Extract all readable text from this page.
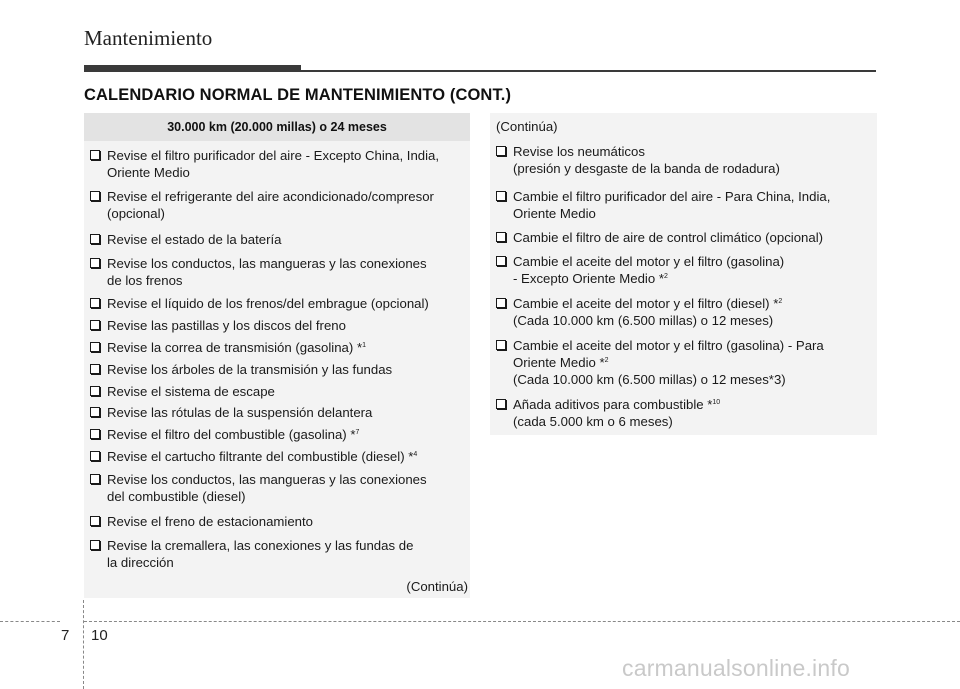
Mantenimiento
CALENDARIO NORMAL DE MANTENIMIENTO (CONT.)
30.000 km (20.000 millas) o 24 meses
Revise el filtro purificador del aire - Excepto China, India,
Oriente Medio
Revise el refrigerante del aire acondicionado/compresor
(opcional)
Revise el estado de la batería
Revise los conductos, las mangueras y las conexiones
de los frenos
Revise el líquido de los frenos/del embrague (opcional)
Revise las pastillas y los discos del freno
Revise la correa de transmisión (gasolina) *$^1$
Revise los árboles de la transmisión y las fundas
Revise el sistema de escape
Revise las rótulas de la suspensión delantera
Revise el filtro del combustible (gasolina) *$^7$
Revise el cartucho filtrante del combustible (diesel) *$^4$
Revise los conductos, las mangueras y las conexiones
del combustible (diesel)
Revise el freno de estacionamiento
Revise la cremallera, las conexiones y las fundas de
la dirección
(Continúa)
(Continúa)
Revise los neumáticos
(presión y desgaste de la banda de rodadura)
Cambie el filtro purificador del aire - Para China, India,
Oriente Medio
Cambie el filtro de aire de control climático (opcional)
Cambie el aceite del motor y el filtro (gasolina)
- Excepto Oriente Medio *$^2$
Cambie el aceite del motor y el filtro (diesel) *$^2$
(Cada 10.000 km (6.500 millas) o 12 meses)
Cambie el aceite del motor y el filtro (gasolina) - Para
Oriente Medio *$^2$
(Cada 10.000 km (6.500 millas) o 12 meses*3)
Añada aditivos para combustible *$^{10}$
(cada 5.000 km o 6 meses)
7 10
carmanualsonline.info
